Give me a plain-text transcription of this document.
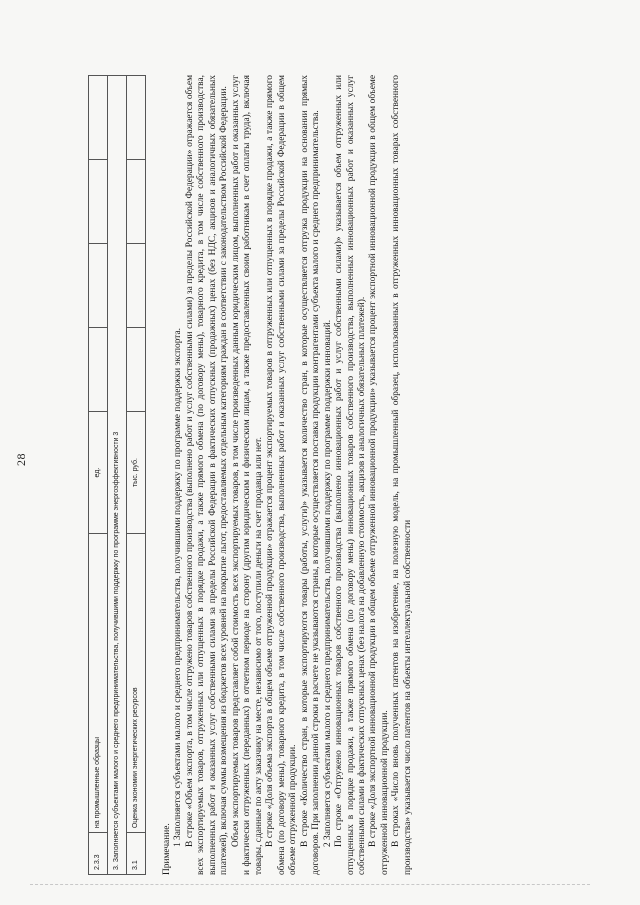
28
2.3.3	на промышленные образцы	ед.				
3. Заполняется субъектами малого и среднего предпринимательства, получившими поддержку по программе энергоэффективности 3						
3.1	Оценка экономии энергетических ресурсов	тыс. руб.				

Примечание.

1 Заполняется субъектами малого и среднего предпринимательства, получившими поддержку по программе поддержки экспорта. В строке «Объем экспорта, в том числе отгружено товаров собственного производства (выполнено работ и услуг собственными силами) за пределы Российской Федерации» отражается объем всех экспортируемых товаров, отгруженных или отпущенных в порядке продажи, а также прямого обмена (по договору мены), товарного кредита, в том числе собственного производства, выполненных работ и оказанных услуг собственными силами за пределы Российской Федерации в фактических отпускных (продажных) ценах (без НДС, акцизов и аналогичных обязательных платежей), включая суммы возмещения из бюджетов всех уровней на покрытие льгот, предоставляемых отдельным категориям граждан в соответствии с законодательством Российской Федерации. Объем экспортируемых товаров представляет собой стоимость всех экспортируемых товаров, в том числе произведенных данным юридическим лицом, выполненных работ и оказанных услуг и фактически отгруженных (переданных) в отчетном периоде на сторону (другим юридическим и физическим лицам, а также предоставленных своим работникам в счет оплаты труда), включая товары, сданные по акту заказчику на месте, независимо от того, поступили деньги на счет продавца или нет. В строке «Доля объема экспорта в общем объеме отгруженной продукции» отражается процент экспортируемых товаров в отгруженных или отпущенных в порядке продажи, а также прямого обмена (по договору мены), товарного кредита, в том числе собственного производства, выполненных работ и оказанных услуг собственными силами за пределы Российской Федерации в общем объеме отгруженной продукции. В строке «Количество стран, в которые экспортируются товары (работы, услуги)» указывается количество стран, в которые осуществляется отгрузка продукции на основании прямых договоров. При заполнении данной строки в расчете не указываются страны, в которые осуществляется поставка продукции контрагентами субъекта малого и среднего предпринимательства. 2 Заполняется субъектами малого и среднего предпринимательства, получившими поддержку по программе поддержки инноваций. По строке «Отгружено инновационных товаров собственного производства (выполнено инновационных работ и услуг собственными силами)» указывается объем отгруженных или отпущенных в порядке продажи, а также прямого обмена (по договору мены) инновационных товаров собственного производства, выполненных инновационных работ и оказанных услуг собственными силами в фактических отпускных ценах (без налога на добавленную стоимость, акцизов и аналогичных обязательных платежей). В строке «Доля экспортной инновационной продукции в общем объеме отгруженной инновационной продукции» указывается процент экспортной инновационной продукции в общем объеме отгруженной инновационной продукции. В строках «Число вновь полученных патентов на изобретение, на полезную модель, на промышленный образец, использованных в отгруженных инновационных товарах собственного производства» указывается число патентов на объекты интеллектуальной собственности
